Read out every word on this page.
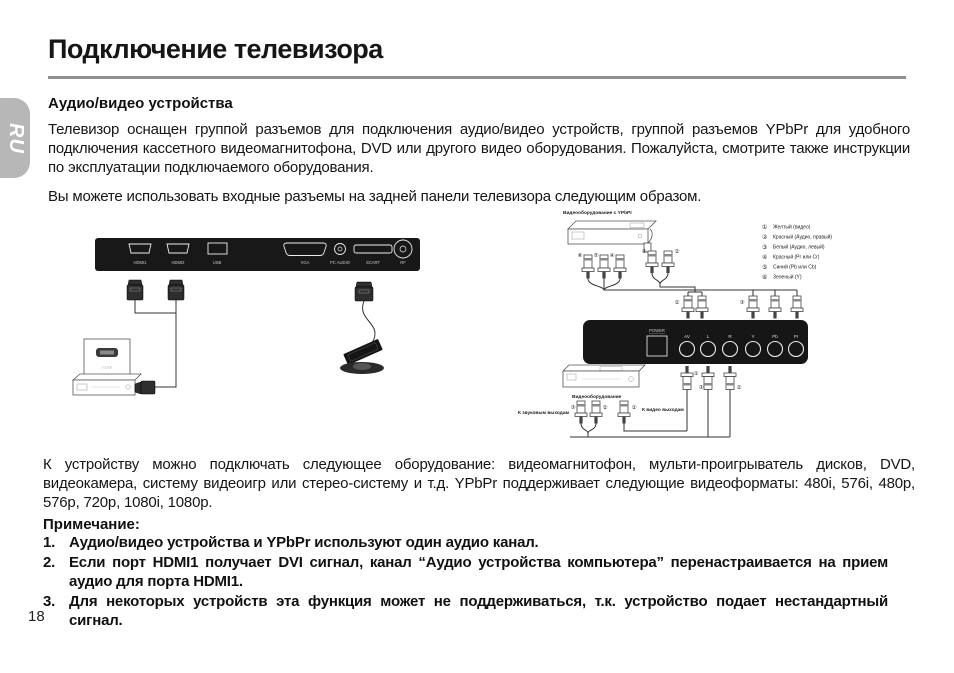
Подключение телевизора
RU
Аудио/видео устройства
Телевизор оснащен группой разъемов для подключения аудио/видео устройств, группой разъемов YPbPr для удобного подключения кассетного видеомагнитофона, DVD или другого видео оборудования. Пожалуйста, смотрите также инструкции по эксплуатации подключаемого оборудования.
Вы можете использовать входные разъемы на задней панели телевизора следующим образом.
HDMI1	HDMI2	USB	VGA	PC AUDIO	SCART	RF
HDMI
Видеооборудование с YPbPr
⑥ ⑤ ④
③	②
②	③
POWER
AV	L	R	Y	Pb	Pr
① Желтый (видео)
② Красный (Аудио, правый)
③ Белый (Аудио, левый)
④ Красный (Pr или Cr)
⑤ Синий (Pb или Cb)
⑥ Зеленый (Y)
①
③	②
Видеооборудование
③	②	① К видео выходам
К звуковым выходам
К устройству можно подключать следующее оборудование: видеомагнитофон, мульти-проигрыватель дисков, DVD, видеокамера, систему видеоигр или стерео-систему и т.д. YPbPr поддерживает следующие видеоформаты: 480i, 576i, 480p, 576p, 720p, 1080i, 1080p.
Примечание:
1. Аудио/видео устройства и YPbPr используют один аудио канал.
2. Если порт HDMI1 получает DVI сигнал, канал “Аудио устройства компьютера” перенастраивается на прием аудио для порта HDMI1.
3. Для некоторых устройств эта функция может не поддерживаться, т.к. устройство подает нестандартный сигнал.
18
